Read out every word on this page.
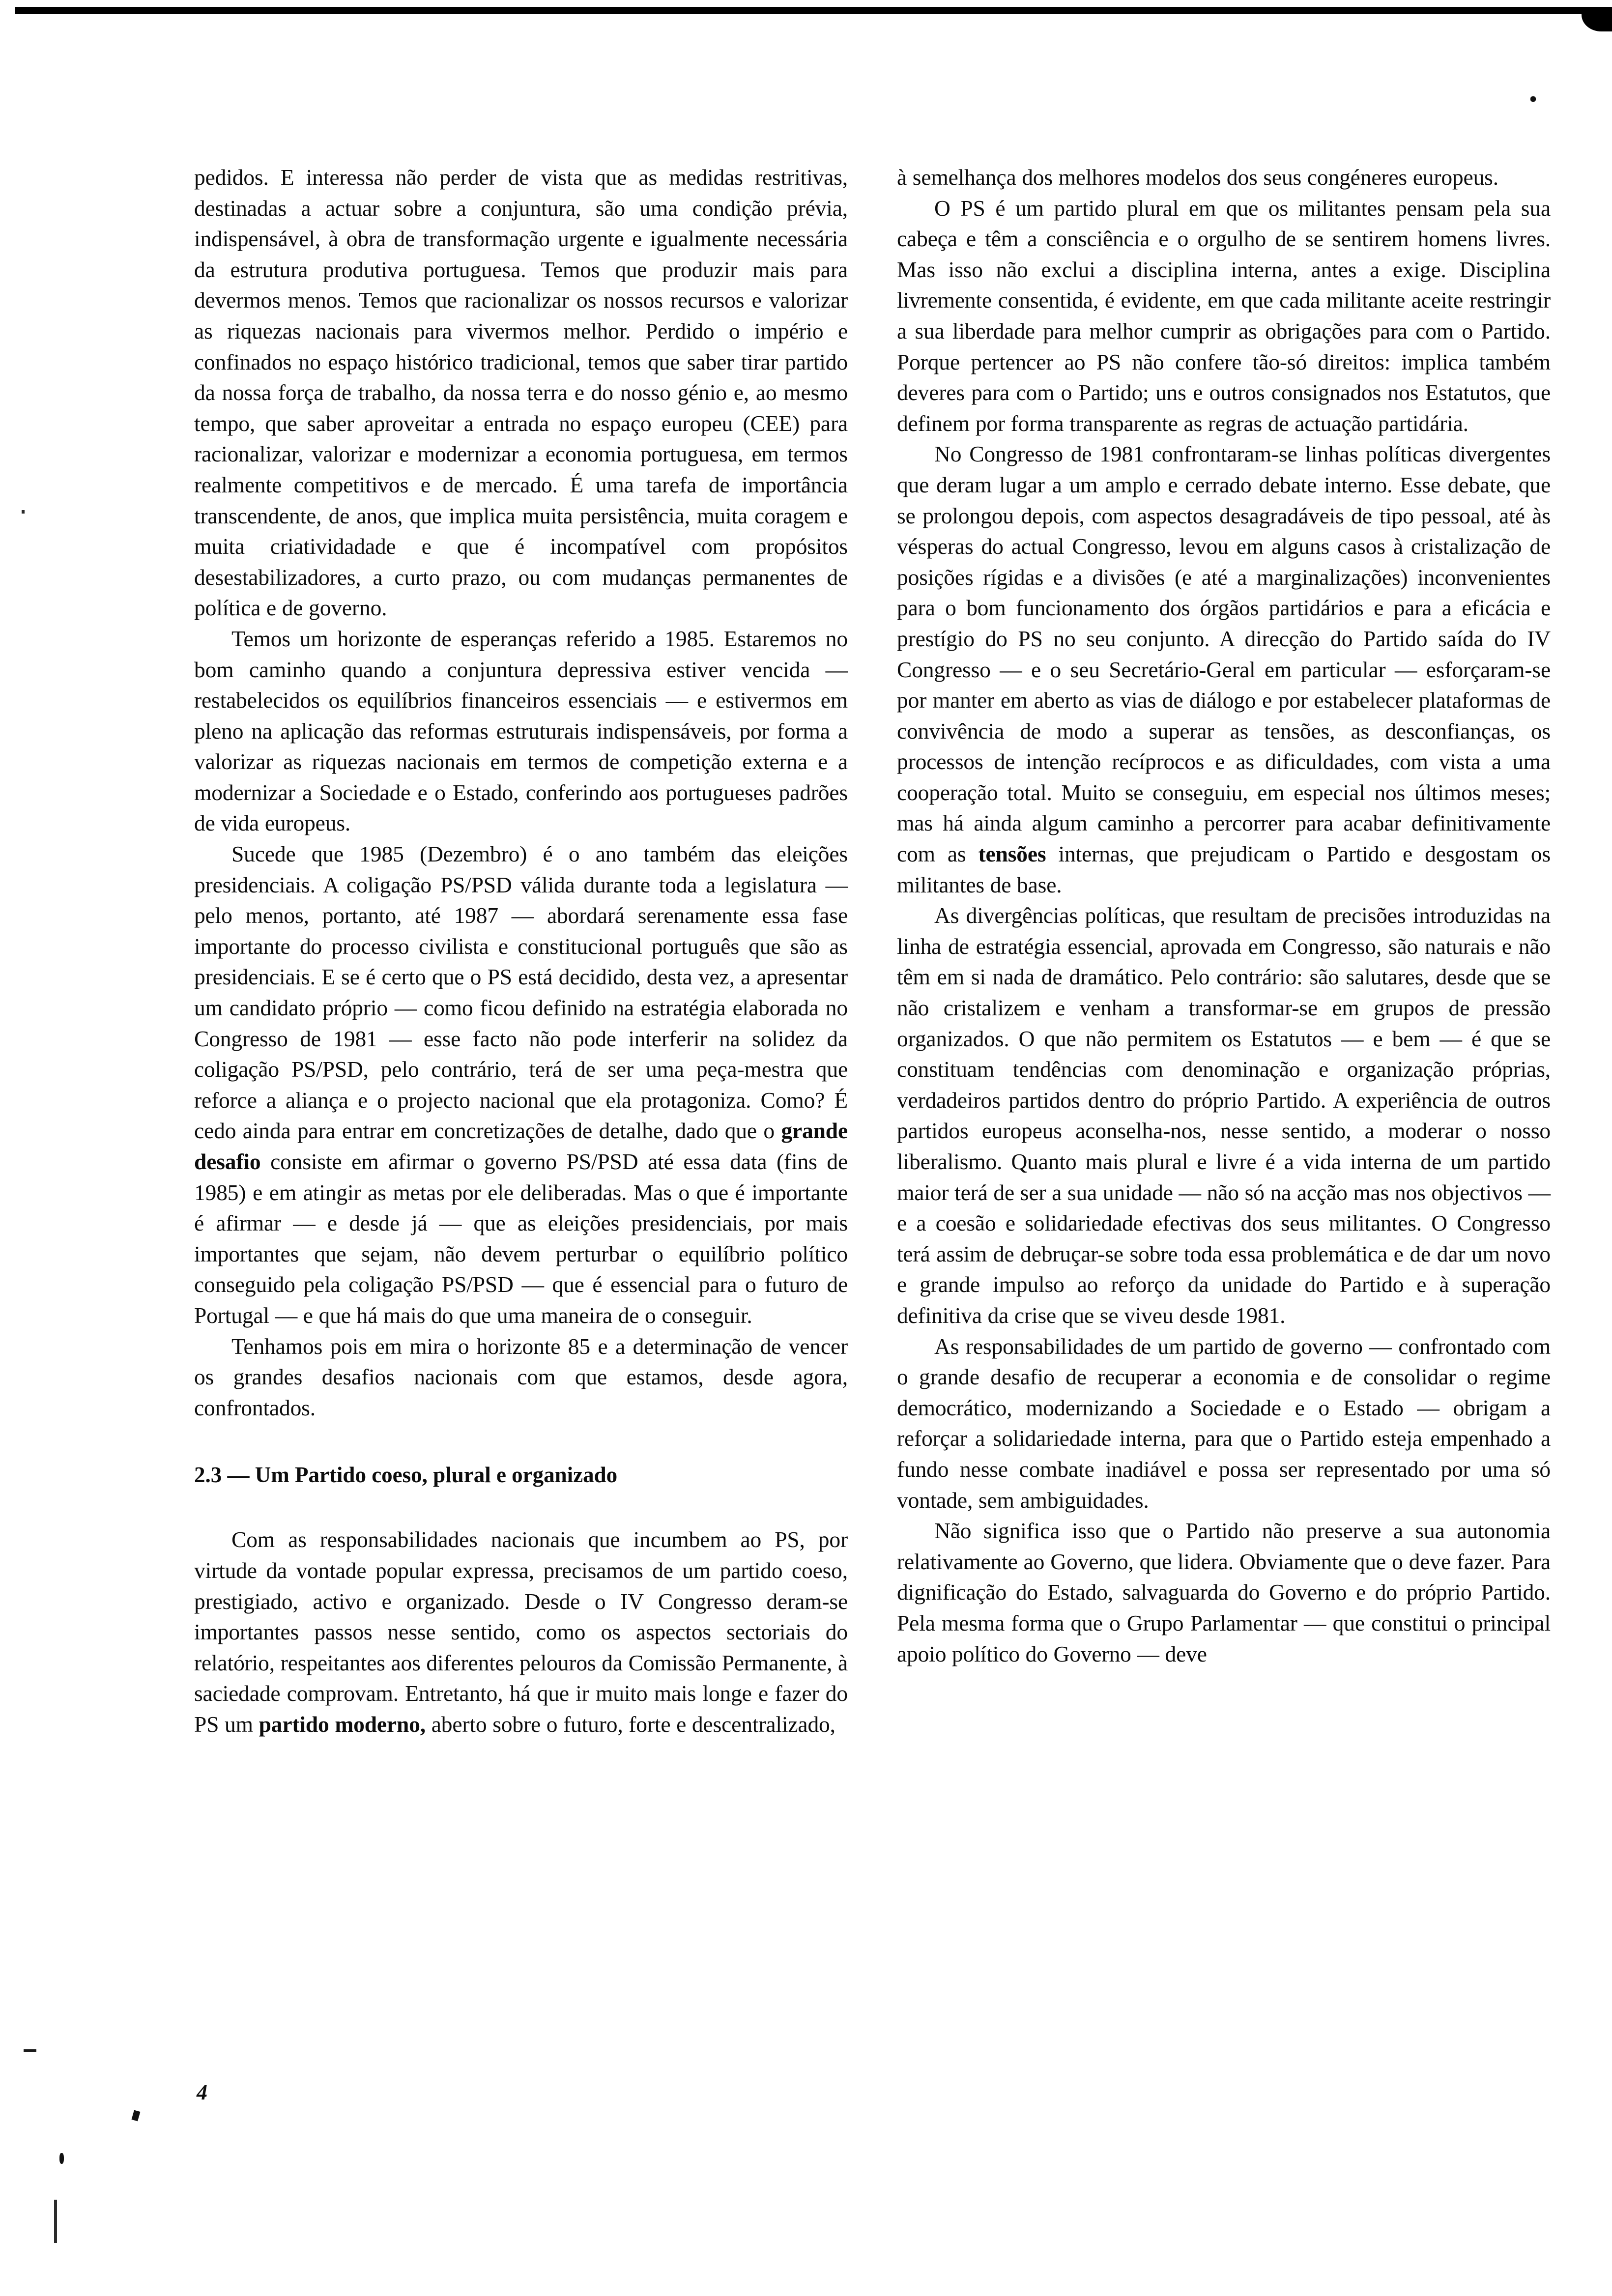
pedidos. E interessa não perder de vista que as medidas restritivas, destinadas a actuar sobre a conjuntura, são uma condição prévia, indispensável, à obra de transformação urgente e igualmente necessária da estrutura produtiva portuguesa. Temos que produzir mais para devermos menos. Temos que racionalizar os nossos recursos e valorizar as riquezas nacionais para vivermos melhor. Perdido o império e confinados no espaço histórico tradicional, temos que saber tirar partido da nossa força de trabalho, da nossa terra e do nosso génio e, ao mesmo tempo, que saber aproveitar a entrada no espaço europeu (CEE) para racionalizar, valorizar e modernizar a economia portuguesa, em termos realmente competitivos e de mercado. É uma tarefa de importância transcendente, de anos, que implica muita persistência, muita coragem e muita criatividadade e que é incompatível com propósitos desestabilizadores, a curto prazo, ou com mudanças permanentes de política e de governo.

Temos um horizonte de esperanças referido a 1985. Estaremos no bom caminho quando a conjuntura depressiva estiver vencida — restabelecidos os equilíbrios financeiros essenciais — e estivermos em pleno na aplicação das reformas estruturais indispensáveis, por forma a valorizar as riquezas nacionais em termos de competição externa e a modernizar a Sociedade e o Estado, conferindo aos portugueses padrões de vida europeus.

Sucede que 1985 (Dezembro) é o ano também das eleições presidenciais. A coligação PS/PSD válida durante toda a legislatura — pelo menos, portanto, até 1987 — abordará serenamente essa fase importante do processo civilista e constitucional português que são as presidenciais. E se é certo que o PS está decidido, desta vez, a apresentar um candidato próprio — como ficou definido na estratégia elaborada no Congresso de 1981 — esse facto não pode interferir na solidez da coligação PS/PSD, pelo contrário, terá de ser uma peça-mestra que reforce a aliança e o projecto nacional que ela protagoniza. Como? É cedo ainda para entrar em concretizações de detalhe, dado que o grande desafio consiste em afirmar o governo PS/PSD até essa data (fins de 1985) e em atingir as metas por ele deliberadas. Mas o que é importante é afirmar — e desde já — que as eleições presidenciais, por mais importantes que sejam, não devem perturbar o equilíbrio político conseguido pela coligação PS/PSD — que é essencial para o futuro de Portugal — e que há mais do que uma maneira de o conseguir.

Tenhamos pois em mira o horizonte 85 e a determinação de vencer os grandes desafios nacionais com que estamos, desde agora, confrontados.

2.3 — Um Partido coeso, plural e organizado

Com as responsabilidades nacionais que incumbem ao PS, por virtude da vontade popular expressa, precisamos de um partido coeso, prestigiado, activo e organizado. Desde o IV Congresso deram-se importantes passos nesse sentido, como os aspectos sectoriais do relatório, respeitantes aos diferentes pelouros da Comissão Permanente, à saciedade comprovam. Entretanto, há que ir muito mais longe e fazer do PS um partido moderno, aberto sobre o futuro, forte e descentralizado,

à semelhança dos melhores modelos dos seus congéneres europeus.

O PS é um partido plural em que os militantes pensam pela sua cabeça e têm a consciência e o orgulho de se sentirem homens livres. Mas isso não exclui a disciplina interna, antes a exige. Disciplina livremente consentida, é evidente, em que cada militante aceite restringir a sua liberdade para melhor cumprir as obrigações para com o Partido. Porque pertencer ao PS não confere tão-só direitos: implica também deveres para com o Partido; uns e outros consignados nos Estatutos, que definem por forma transparente as regras de actuação partidária.

No Congresso de 1981 confrontaram-se linhas políticas divergentes que deram lugar a um amplo e cerrado debate interno. Esse debate, que se prolongou depois, com aspectos desagradáveis de tipo pessoal, até às vésperas do actual Congresso, levou em alguns casos à cristalização de posições rígidas e a divisões (e até a marginalizações) inconvenientes para o bom funcionamento dos órgãos partidários e para a eficácia e prestígio do PS no seu conjunto. A direcção do Partido saída do IV Congresso — e o seu Secretário-Geral em particular — esforçaram-se por manter em aberto as vias de diálogo e por estabelecer plataformas de convivência de modo a superar as tensões, as desconfianças, os processos de intenção recíprocos e as dificuldades, com vista a uma cooperação total. Muito se conseguiu, em especial nos últimos meses; mas há ainda algum caminho a percorrer para acabar definitivamente com as tensões internas, que prejudicam o Partido e desgostam os militantes de base.

As divergências políticas, que resultam de precisões introduzidas na linha de estratégia essencial, aprovada em Congresso, são naturais e não têm em si nada de dramático. Pelo contrário: são salutares, desde que se não cristalizem e venham a transformar-se em grupos de pressão organizados. O que não permitem os Estatutos — e bem — é que se constituam tendências com denominação e organização próprias, verdadeiros partidos dentro do próprio Partido. A experiência de outros partidos europeus aconselha-nos, nesse sentido, a moderar o nosso liberalismo. Quanto mais plural e livre é a vida interna de um partido maior terá de ser a sua unidade — não só na acção mas nos objectivos — e a coesão e solidariedade efectivas dos seus militantes. O Congresso terá assim de debruçar-se sobre toda essa problemática e de dar um novo e grande impulso ao reforço da unidade do Partido e à superação definitiva da crise que se viveu desde 1981.

As responsabilidades de um partido de governo — confrontado com o grande desafio de recuperar a economia e de consolidar o regime democrático, modernizando a Sociedade e o Estado — obrigam a reforçar a solidariedade interna, para que o Partido esteja empenhado a fundo nesse combate inadiável e possa ser representado por uma só vontade, sem ambiguidades.

Não significa isso que o Partido não preserve a sua autonomia relativamente ao Governo, que lidera. Obviamente que o deve fazer. Para dignificação do Estado, salvaguarda do Governo e do próprio Partido. Pela mesma forma que o Grupo Parlamentar — que constitui o principal apoio político do Governo — deve

4
